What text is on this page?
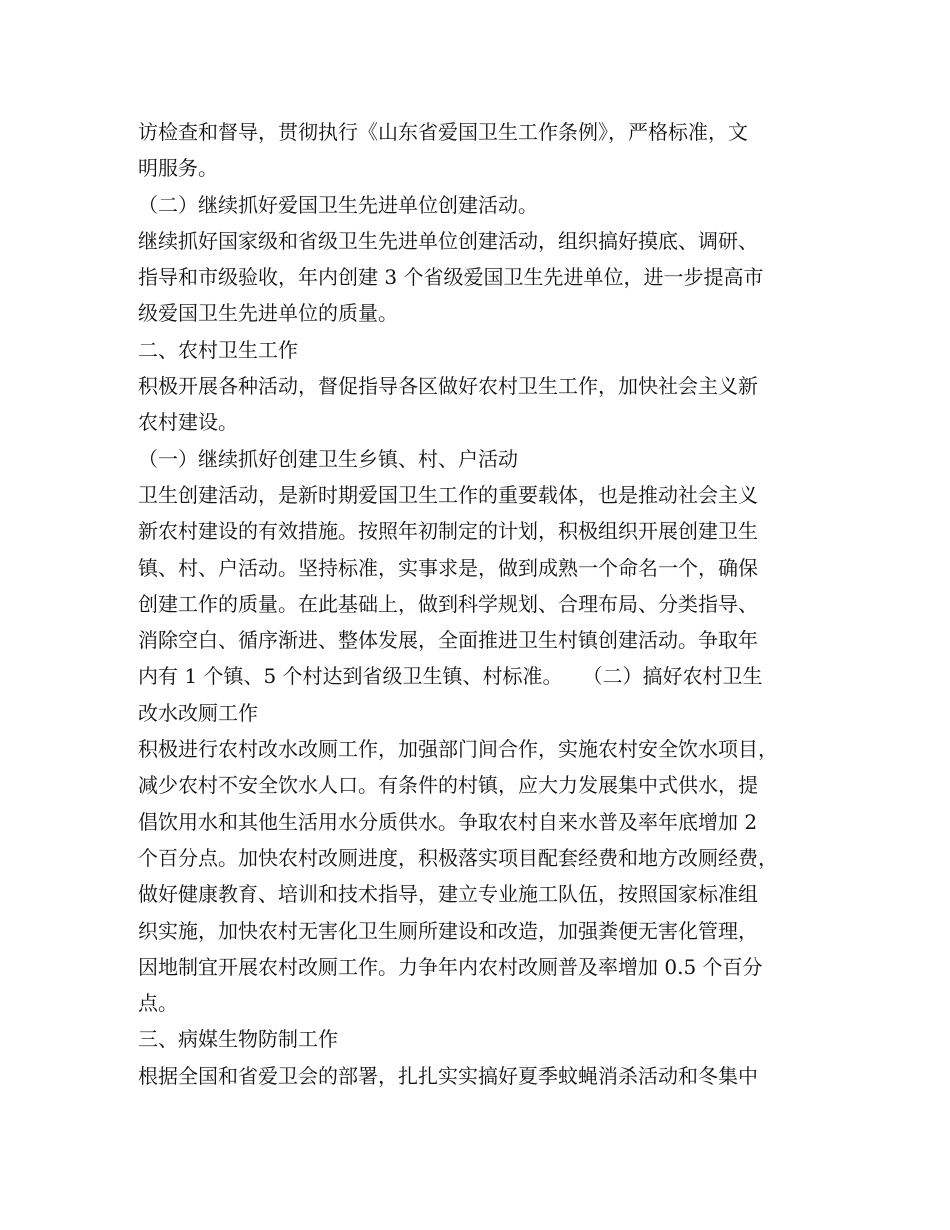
访检查和督导，贯彻执行《山东省爱国卫生工作条例》，严格标准，文
明服务。
（二）继续抓好爱国卫生先进单位创建活动。
继续抓好国家级和省级卫生先进单位创建活动，组织搞好摸底、调研、
指导和市级验收，年内创建 3 个省级爱国卫生先进单位，进一步提高市
级爱国卫生先进单位的质量。
二、农村卫生工作
积极开展各种活动，督促指导各区做好农村卫生工作，加快社会主义新
农村建设。
（一）继续抓好创建卫生乡镇、村、户活动
卫生创建活动，是新时期爱国卫生工作的重要载体，也是推动社会主义
新农村建设的有效措施。按照年初制定的计划，积极组织开展创建卫生
镇、村、户活动。坚持标准，实事求是，做到成熟一个命名一个，确保
创建工作的质量。在此基础上，做到科学规划、合理布局、分类指导、
消除空白、循序渐进、整体发展，全面推进卫生村镇创建活动。争取年
内有 1 个镇、5 个村达到省级卫生镇、村标准。　　（二）搞好农村卫生
改水改厕工作
积极进行农村改水改厕工作，加强部门间合作，实施农村安全饮水项目，
减少农村不安全饮水人口。有条件的村镇，应大力发展集中式供水，提
倡饮用水和其他生活用水分质供水。争取农村自来水普及率年底增加 2
个百分点。加快农村改厕进度，积极落实项目配套经费和地方改厕经费，
做好健康教育、培训和技术指导，建立专业施工队伍，按照国家标准组
织实施，加快农村无害化卫生厕所建设和改造，加强粪便无害化管理，
因地制宜开展农村改厕工作。力争年内农村改厕普及率增加 0.5 个百分
点。
三、病媒生物防制工作
根据全国和省爱卫会的部署，扎扎实实搞好夏季蚊蝇消杀活动和冬集中
